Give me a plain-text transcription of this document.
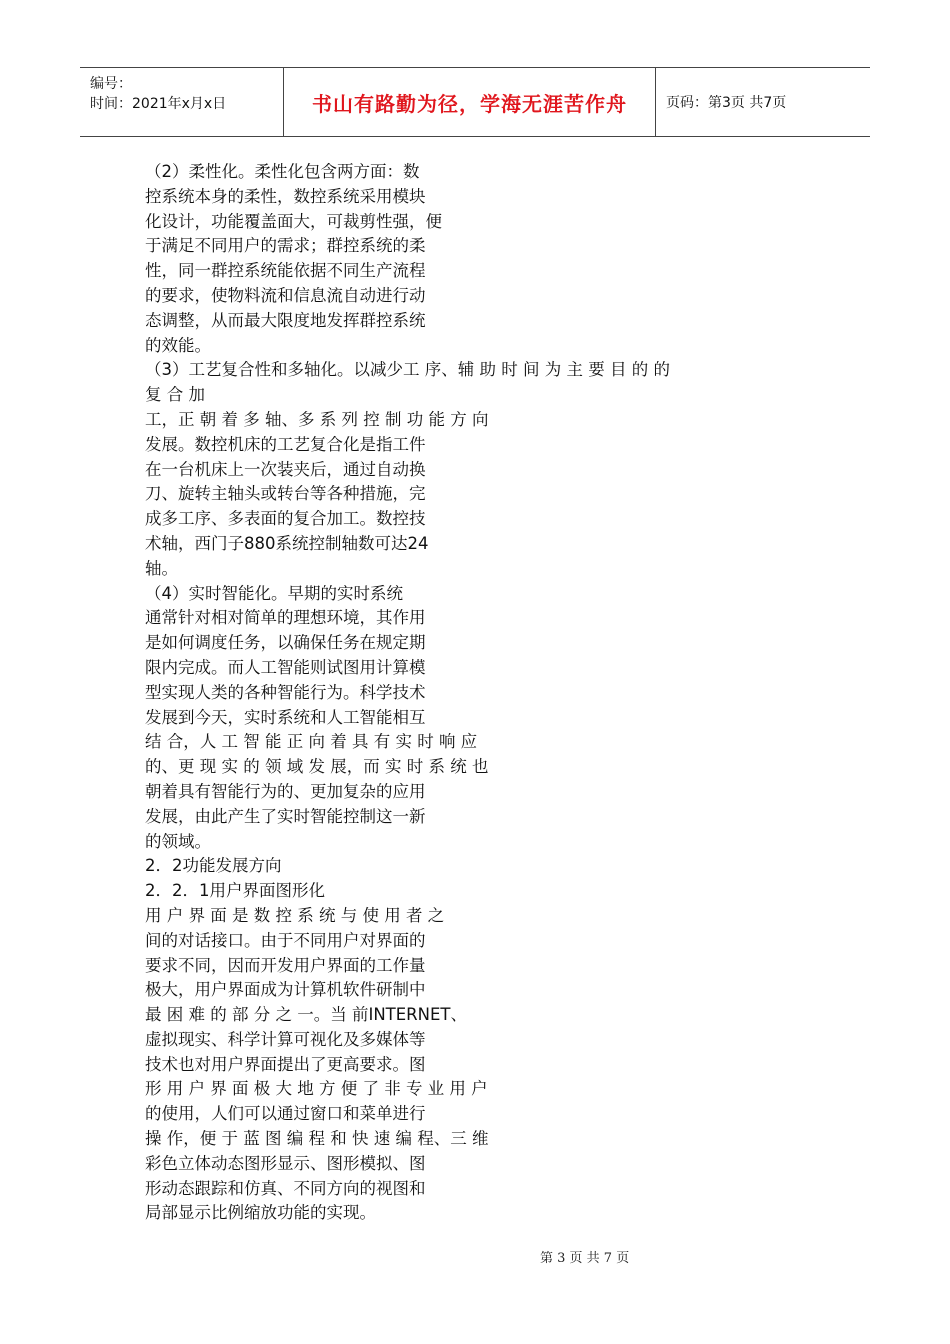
编号：
时间：2021年x月x日	书山有路勤为径，学海无涯苦作舟	页码：第3页 共7页
（2）柔性化。柔性化包含两方面：数
控系统本身的柔性，数控系统采用模块
化设计，功能覆盖面大，可裁剪性强，便
于满足不同用户的需求；群控系统的柔
性，同一群控系统能依据不同生产流程
的要求，使物料流和信息流自动进行动
态调整，从而最大限度地发挥群控系统
的效能。
（3）工艺复合性和多轴化。以减少工 序、辅 助 时 间 为 主 要 目 的 的
复 合 加
工，正 朝 着 多 轴、多 系 列 控 制 功 能 方 向
发展。数控机床的工艺复合化是指工件
在一台机床上一次装夹后，通过自动换
刀、旋转主轴头或转台等各种措施，完
成多工序、多表面的复合加工。数控技
术轴，西门子880系统控制轴数可达24
轴。
（4）实时智能化。早期的实时系统
通常针对相对简单的理想环境，其作用
是如何调度任务，以确保任务在规定期
限内完成。而人工智能则试图用计算模
型实现人类的各种智能行为。科学技术
发展到今天，实时系统和人工智能相互
结 合，人 工 智 能 正 向 着 具 有 实 时 响 应
的、更 现 实 的 领 域 发 展，而 实 时 系 统 也
朝着具有智能行为的、更加复杂的应用
发展，由此产生了实时智能控制这一新
的领域。
2．2功能发展方向
2．2．1用户界面图形化
用 户 界 面 是 数 控 系 统 与 使 用 者 之
间的对话接口。由于不同用户对界面的
要求不同，因而开发用户界面的工作量
极大，用户界面成为计算机软件研制中
最 困 难 的 部 分 之 一。当 前INTERNET、
虚拟现实、科学计算可视化及多媒体等
技术也对用户界面提出了更高要求。图
形 用 户 界 面 极 大 地 方 便 了 非 专 业 用 户
的使用，人们可以通过窗口和菜单进行
操 作，便 于 蓝 图 编 程 和 快 速 编 程、三 维
彩色立体动态图形显示、图形模拟、图
形动态跟踪和仿真、不同方向的视图和
局部显示比例缩放功能的实现。
第 3 页 共 7 页
